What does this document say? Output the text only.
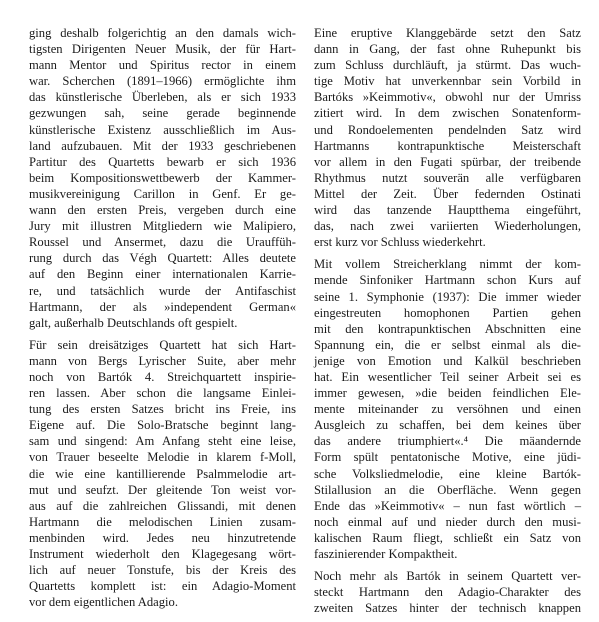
ging deshalb folgerichtig an den damals wich-
tigsten Dirigenten Neuer Musik, der für Hart-
mann Mentor und Spiritus rector in einem
war. Scherchen (1891–1966) ermöglichte ihm
das künstlerische Überleben, als er sich 1933
gezwungen sah, seine gerade beginnende
künstlerische Existenz ausschließlich im Aus-
land aufzubauen. Mit der 1933 geschriebenen
Partitur des Quartetts bewarb er sich 1936
beim Kompositionswettbewerb der Kammer-
musikvereinigung Carillon in Genf. Er ge-
wann den ersten Preis, vergeben durch eine
Jury mit illustren Mitgliedern wie Malipiero,
Roussel und Ansermet, dazu die Urauffüh-
rung durch das Végh Quartett: Alles deutete
auf den Beginn einer internationalen Karrie-
re, und tatsächlich wurde der Antifaschist
Hartmann, der als »independent German«
galt, außerhalb Deutschlands oft gespielt.

Für sein dreisätziges Quartett hat sich Hart-
mann von Bergs Lyrischer Suite, aber mehr
noch von Bartók 4. Streichquartett inspirie-
ren lassen. Aber schon die langsame Einlei-
tung des ersten Satzes bricht ins Freie, ins
Eigene auf. Die Solo-Bratsche beginnt lang-
sam und singend: Am Anfang steht eine leise,
von Trauer beseelte Melodie in klarem f-Moll,
die wie eine kantillierende Psalmmelodie art-
mut und seufzt. Der gleitende Ton weist vor-
aus auf die zahlreichen Glissandi, mit denen
Hartmann die melodischen Linien zusam-
menbinden wird. Jedes neu hinzutretende
Instrument wiederholt den Klagegesang wört-
lich auf neuer Tonstufe, bis der Kreis des
Quartetts komplett ist: ein Adagio-Moment
vor dem eigentlichen Adagio.

Eine eruptive Klanggebärde setzt den Satz
dann in Gang, der fast ohne Ruhepunkt bis
zum Schluss durchläuft, ja stürmt. Das wuch-
tige Motiv hat unverkennbar sein Vorbild in
Bartóks »Keimmotiv«, obwohl nur der Umriss
zitiert wird. In dem zwischen Sonatenform-
und Rondoelementen pendelnden Satz wird
Hartmanns kontrapunktische Meisterschaft
vor allem in den Fugati spürbar, der treibende
Rhythmus nutzt souverän alle verfügbaren
Mittel der Zeit. Über federnden Ostinati
wird das tanzende Hauptthema eingeführt,
das, nach zwei variierten Wiederholungen,
erst kurz vor Schluss wiederkehrt.

Mit vollem Streicherklang nimmt der kom-
mende Sinfoniker Hartmann schon Kurs auf
seine 1. Symphonie (1937): Die immer wieder
eingestreuten homophonen Partien gehen
mit den kontrapunktischen Abschnitten eine
Spannung ein, die er selbst einmal als die-
jenige von Emotion und Kalkül beschrieben
hat. Ein wesentlicher Teil seiner Arbeit sei es
immer gewesen, »die beiden feindlichen Ele-
mente miteinander zu versöhnen und einen
Ausgleich zu schaffen, bei dem keines über
das andere triumphiert«.⁴ Die mäandernde
Form spült pentatonische Motive, eine jüdi-
sche Volksliedmelodie, eine kleine Bartók-
Stilallusion an die Oberfläche. Wenn gegen
Ende das »Keimmotiv« – nun fast wörtlich –
noch einmal auf und nieder durch den musi-
kalischen Raum fliegt, schließt ein Satz von
faszinierender Kompaktheit.

Noch mehr als Bartók in seinem Quartett ver-
steckt Hartmann den Adagio-Charakter des
zweiten Satzes hinter der technisch knappen
